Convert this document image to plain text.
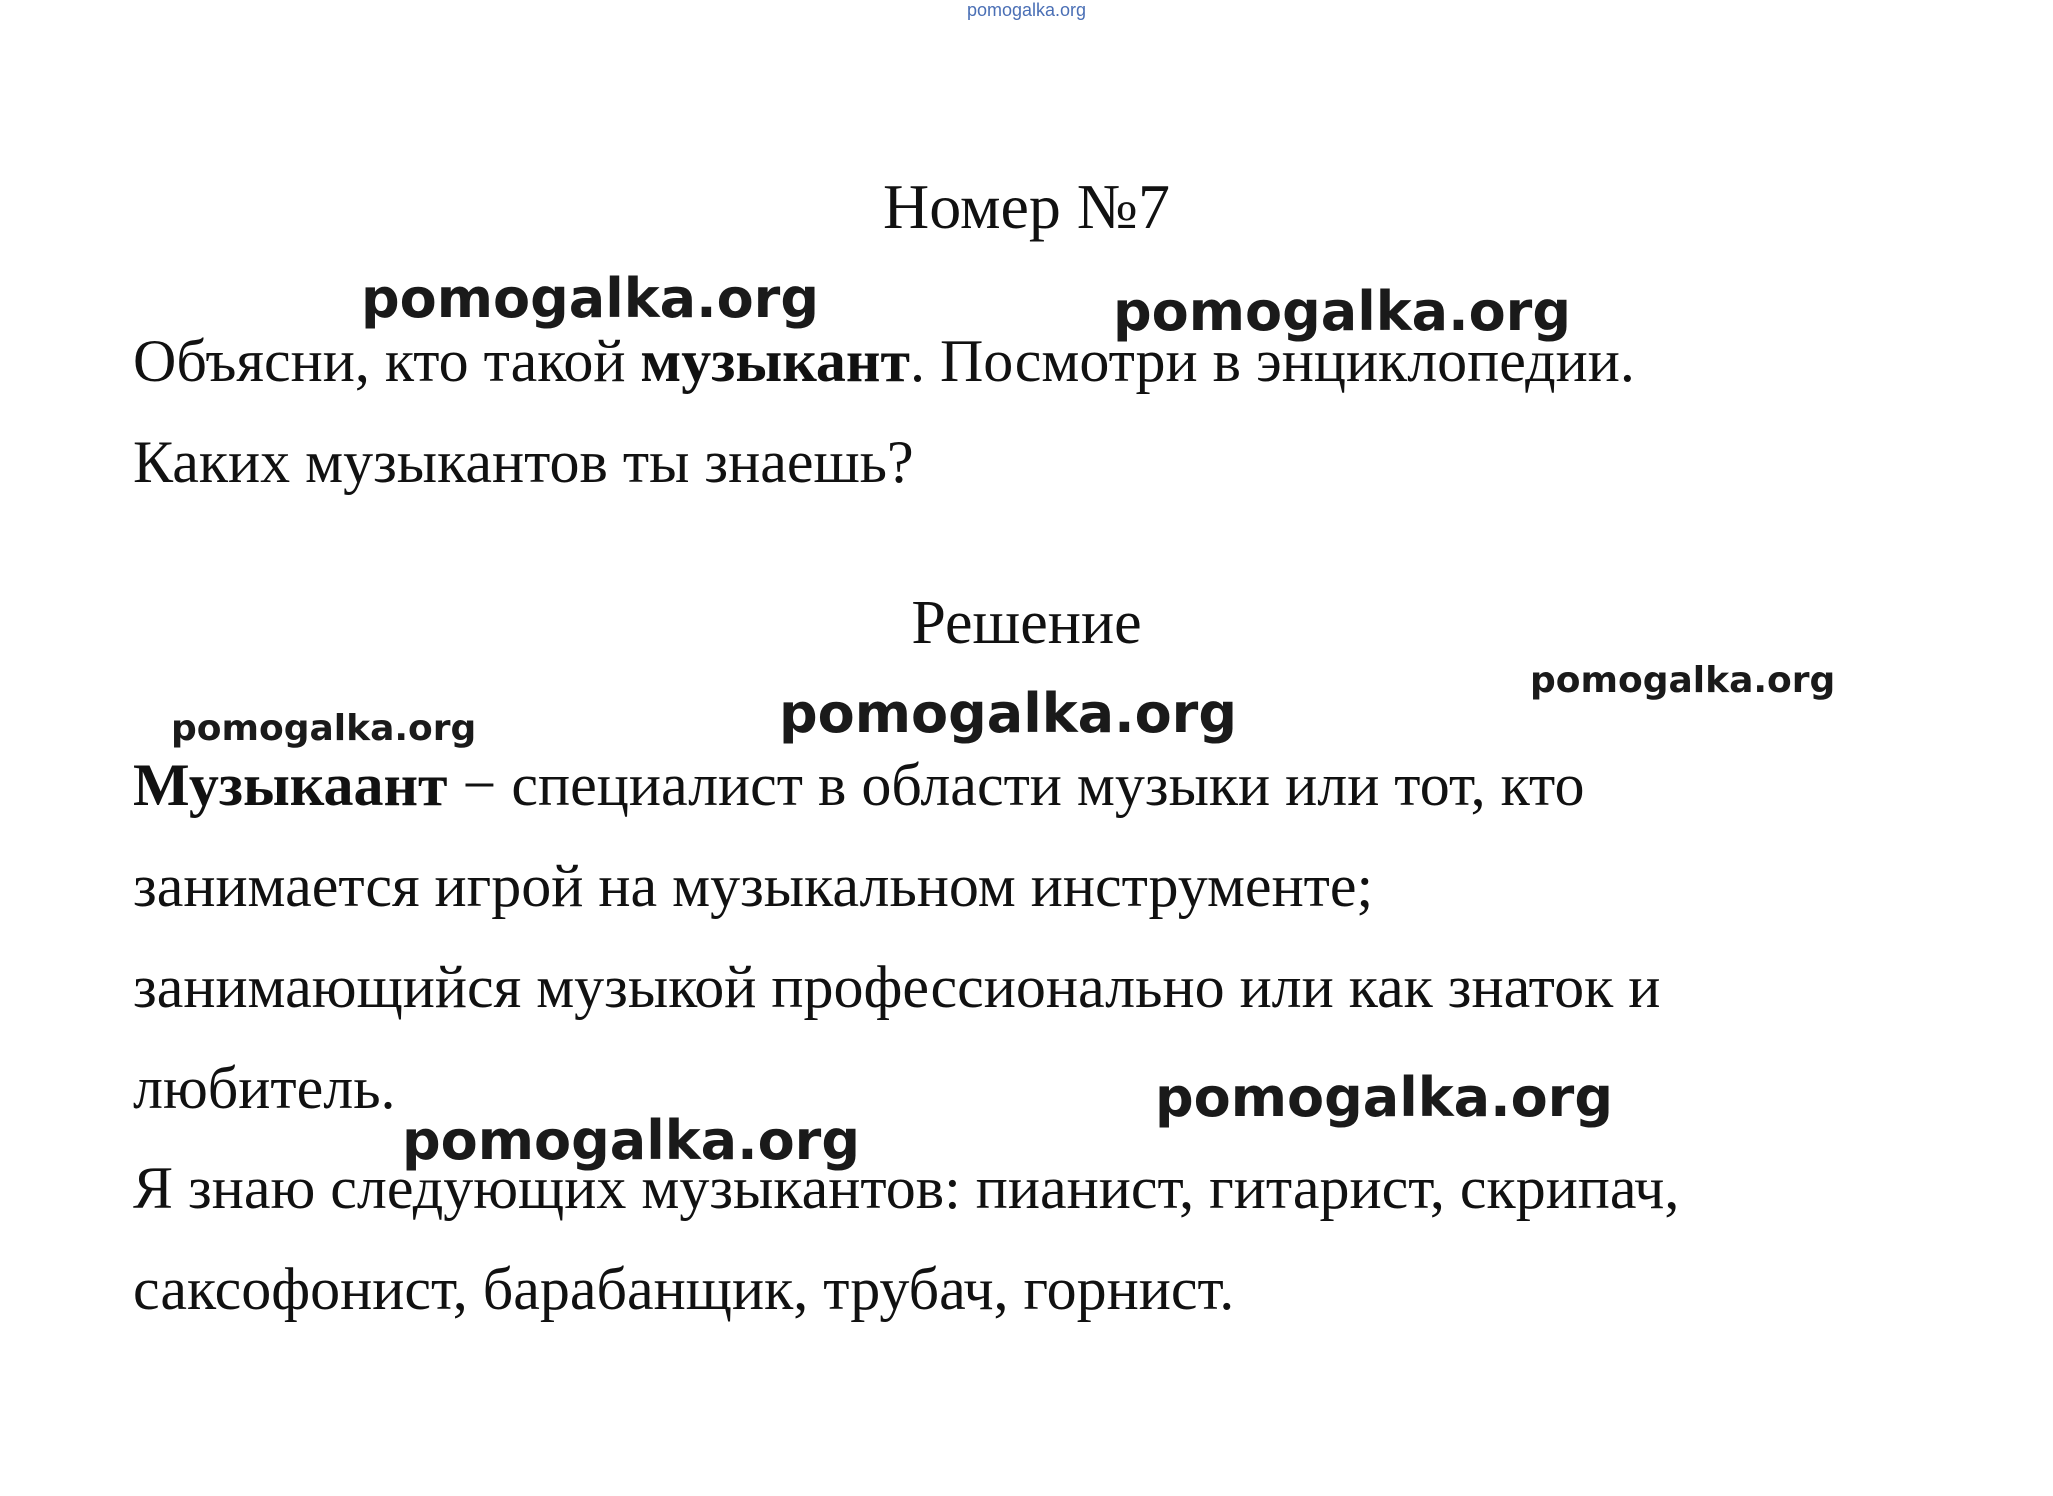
pomogalka.org
Номер №7
Объясни, кто такой музыкант. Посмотри в энциклопедии.
Каких музыкантов ты знаешь?
Решение
Музыкаант − специалист в области музыки или тот, кто
занимается игрой на музыкальном инструменте;
занимающийся музыкой профессионально или как знаток и
любитель.
Я знаю следующих музыкантов: пианист, гитарист, скрипач,
саксофонист, барабанщик, трубач, горнист.
pomogalka.org	pomogalka.org
pomogalka.org
pomogalka.org
pomogalka.org
pomogalka.org
pomogalka.org
